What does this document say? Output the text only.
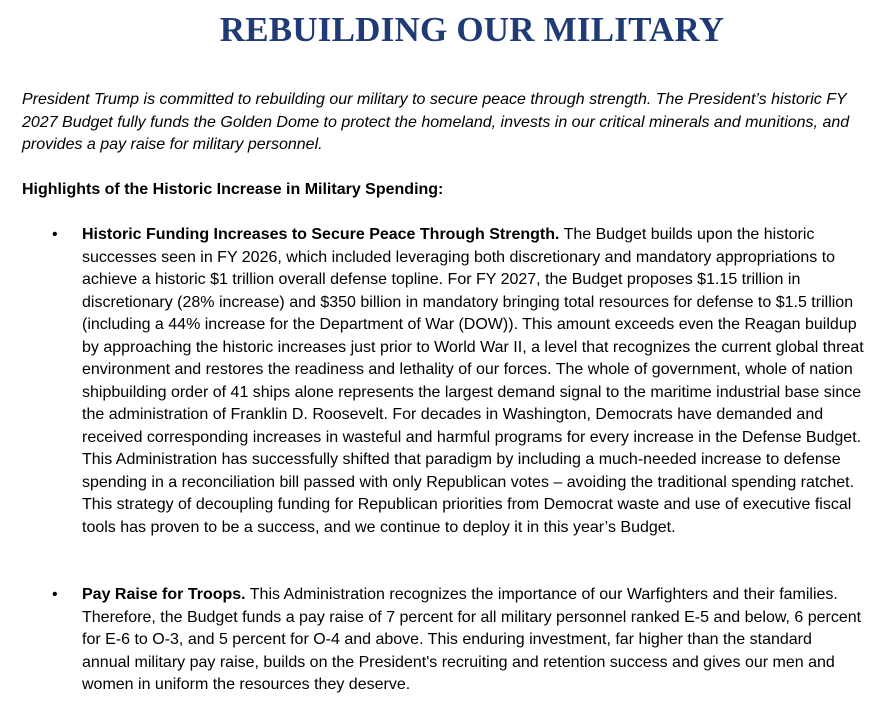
REBUILDING OUR MILITARY

President Trump is committed to rebuilding our military to secure peace through strength. The President’s historic FY 2027 Budget fully funds the Golden Dome to protect the homeland, invests in our critical minerals and munitions, and provides a pay raise for military personnel.

Highlights of the Historic Increase in Military Spending:

• Historic Funding Increases to Secure Peace Through Strength. The Budget builds upon the historic successes seen in FY 2026, which included leveraging both discretionary and mandatory appropriations to achieve a historic $1 trillion overall defense topline. For FY 2027, the Budget proposes $1.15 trillion in discretionary (28% increase) and $350 billion in mandatory bringing total resources for defense to $1.5 trillion (including a 44% increase for the Department of War (DOW)). This amount exceeds even the Reagan buildup by approaching the historic increases just prior to World War II, a level that recognizes the current global threat environment and restores the readiness and lethality of our forces. The whole of government, whole of nation shipbuilding order of 41 ships alone represents the largest demand signal to the maritime industrial base since the administration of Franklin D. Roosevelt. For decades in Washington, Democrats have demanded and received corresponding increases in wasteful and harmful programs for every increase in the Defense Budget. This Administration has successfully shifted that paradigm by including a much-needed increase to defense spending in a reconciliation bill passed with only Republican votes – avoiding the traditional spending ratchet. This strategy of decoupling funding for Republican priorities from Democrat waste and use of executive fiscal tools has proven to be a success, and we continue to deploy it in this year’s Budget.

• Pay Raise for Troops. This Administration recognizes the importance of our Warfighters and their families. Therefore, the Budget funds a pay raise of 7 percent for all military personnel ranked E-5 and below, 6 percent for E-6 to O-3, and 5 percent for O-4 and above. This enduring investment, far higher than the standard annual military pay raise, builds on the President's recruiting and retention success and gives our men and women in uniform the resources they deserve.
